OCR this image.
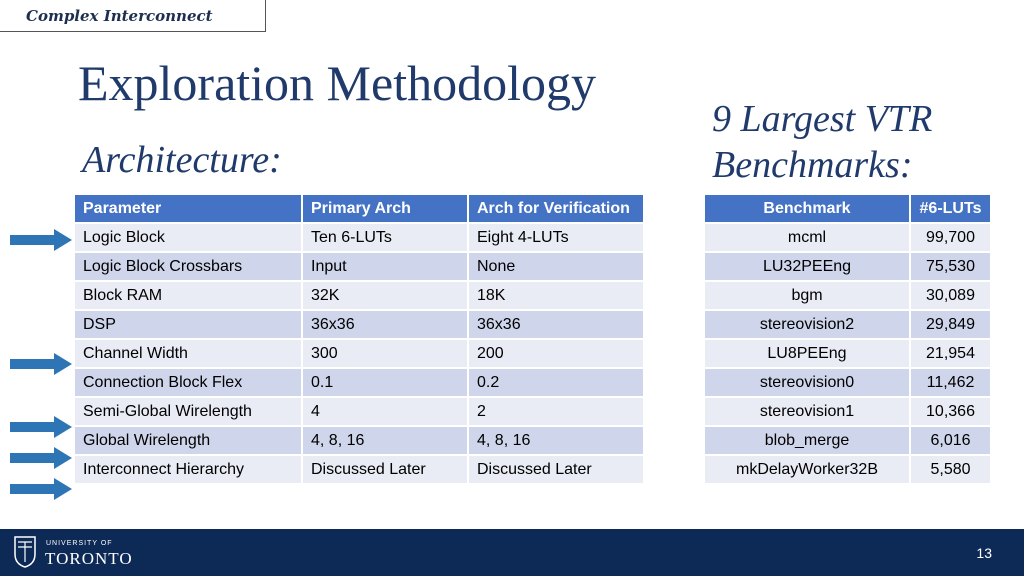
Complex Interconnect
Exploration Methodology
Architecture:
9 Largest VTR
Benchmarks:
Parameter	Primary Arch	Arch for Verification
Logic Block	Ten 6-LUTs	Eight 4-LUTs
Logic Block Crossbars	Input	None
Block RAM	32K	18K
DSP	36x36	36x36
Channel Width	300	200
Connection Block Flex	0.1	0.2
Semi-Global Wirelength	4	2
Global Wirelength	4, 8, 16	4, 8, 16
Interconnect Hierarchy	Discussed Later	Discussed Later
Benchmark	#6-LUTs
mcml	99,700
LU32PEEng	75,530
bgm	30,089
stereovision2	29,849
LU8PEEng	21,954
stereovision0	11,462
stereovision1	10,366
blob_merge	6,016
mkDelayWorker32B	5,580
UNIVERSITY OF
TORONTO	13
